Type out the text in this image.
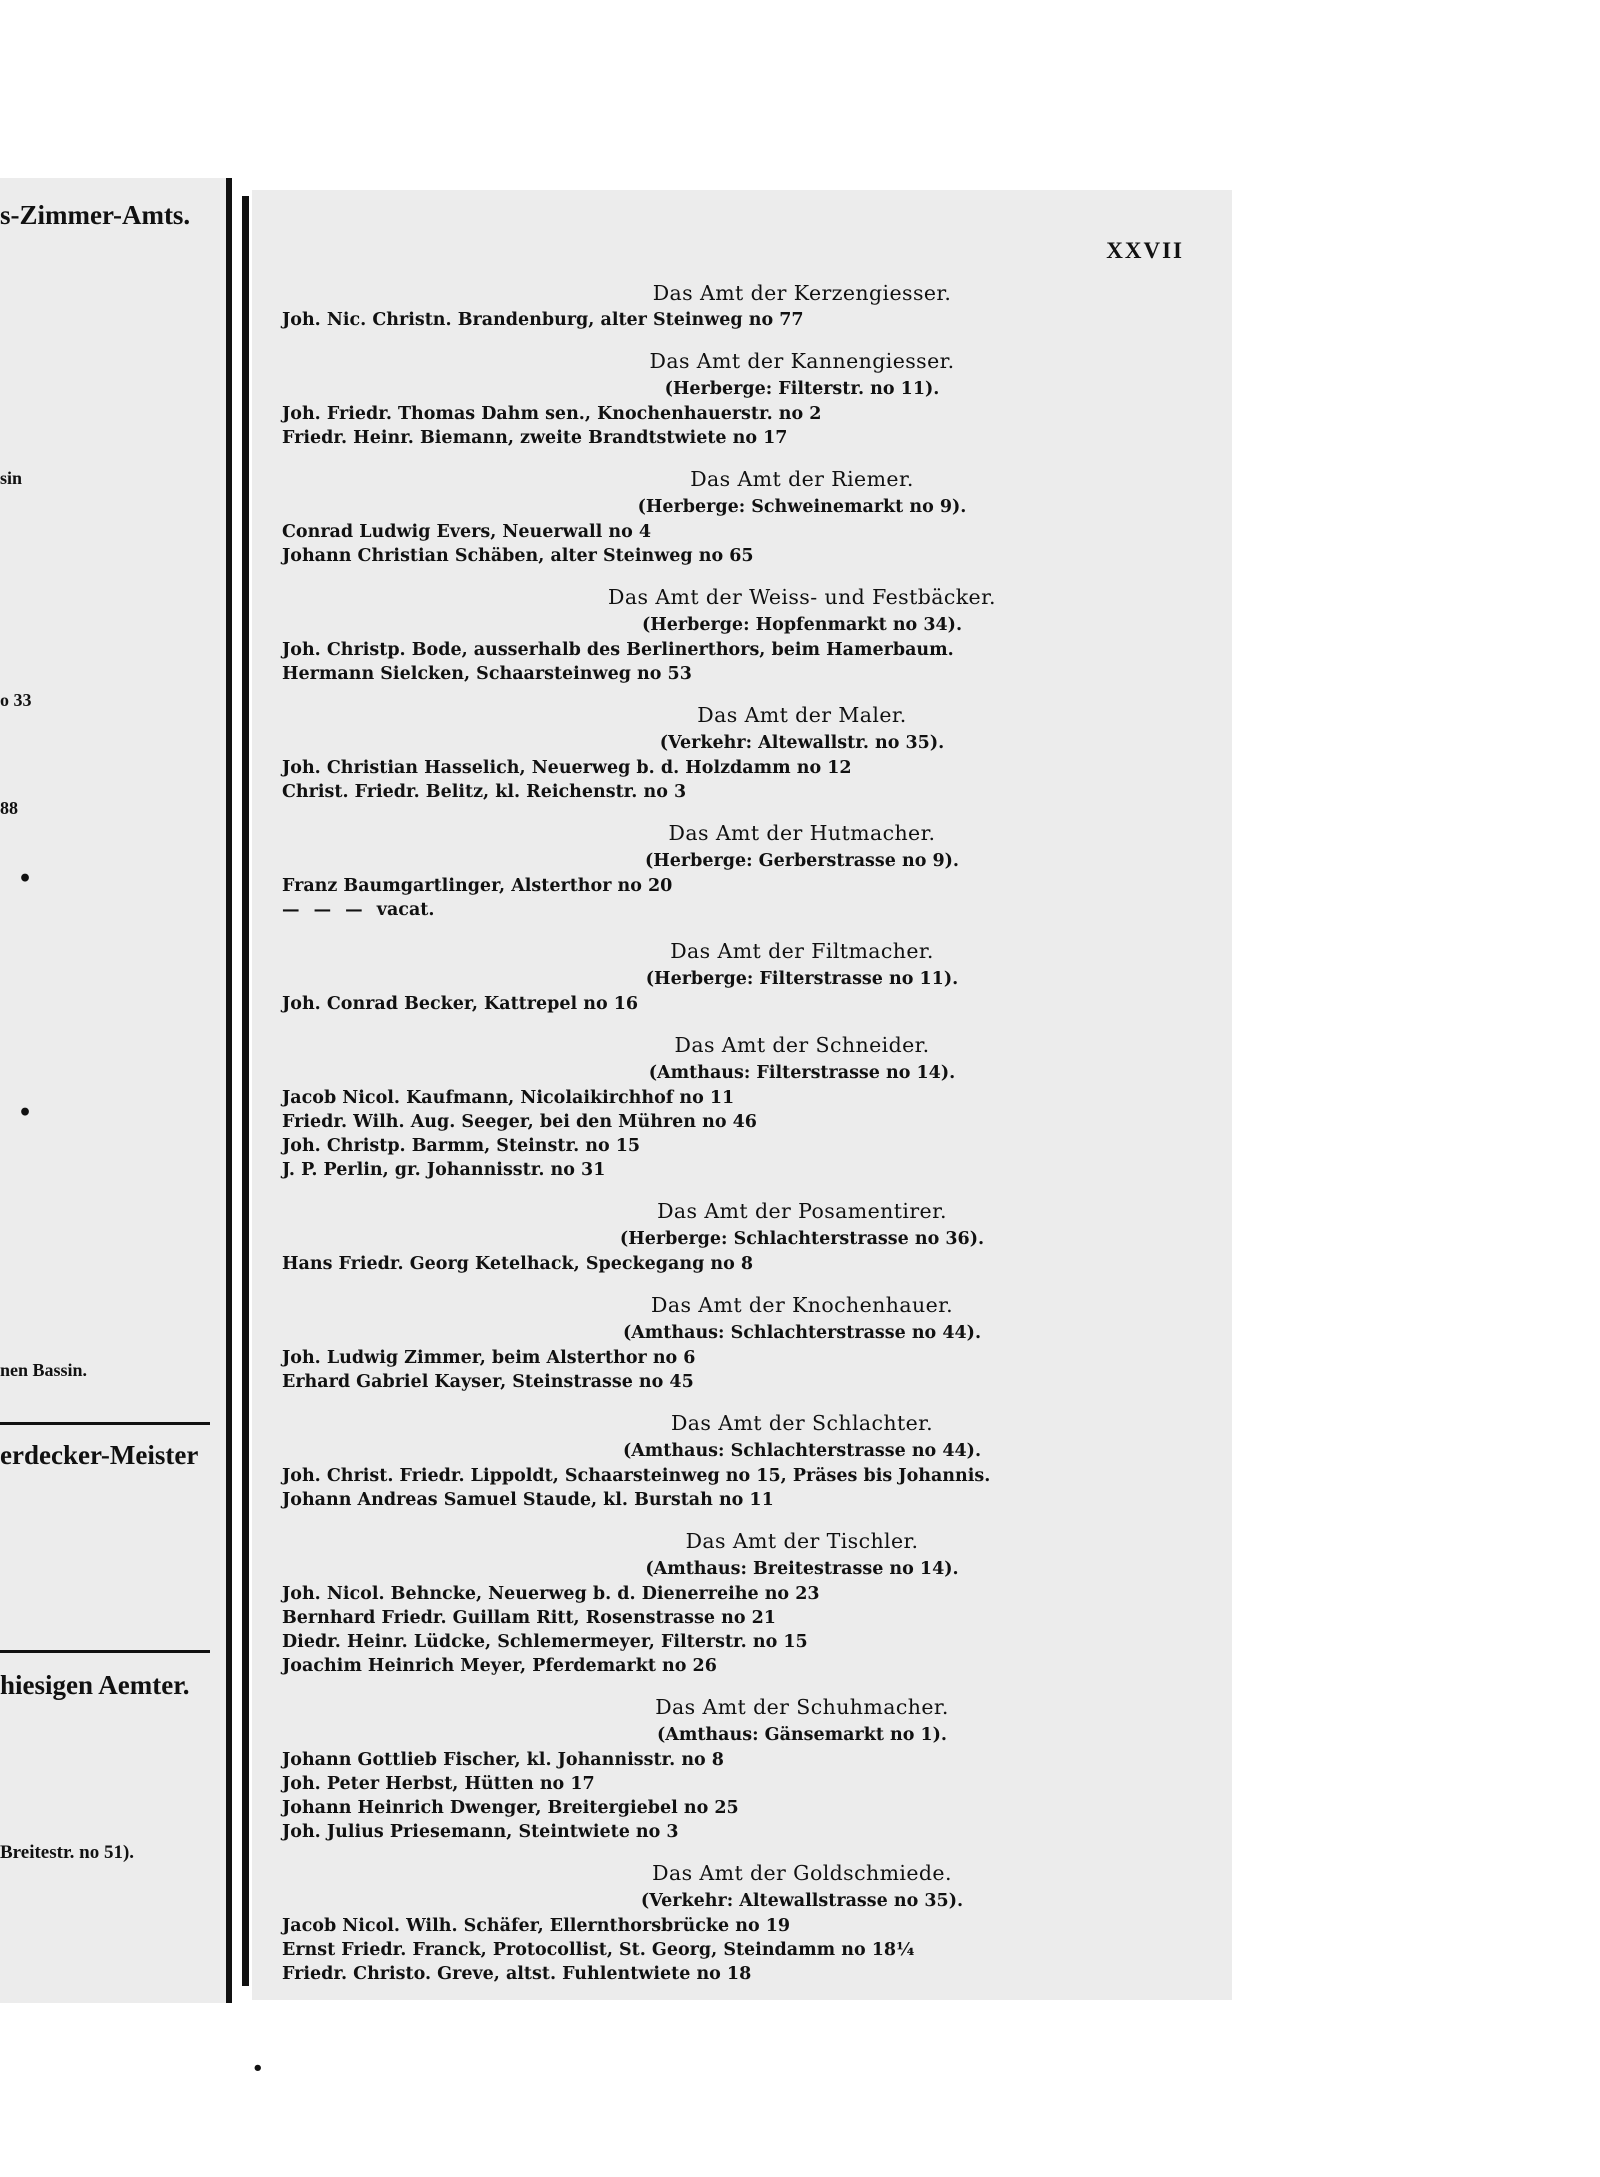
s-Zimmer-Amts.
sin
o 33
88
•
•
nen Bassin.
erdecker-Meister
hiesigen Aemter.
Breitestr. no 51).
XXVII
Das Amt der Kerzengiesser.
Joh. Nic. Christn. Brandenburg, alter Steinweg no 77
Das Amt der Kannengiesser.
(Herberge: Filterstr. no 11).
Joh. Friedr. Thomas Dahm sen., Knochenhauerstr. no 2
Friedr. Heinr. Biemann, zweite Brandtstwiete no 17
Das Amt der Riemer.
(Herberge: Schweinemarkt no 9).
Conrad Ludwig Evers, Neuerwall no 4
Johann Christian Schäben, alter Steinweg no 65
Das Amt der Weiss- und Festbäcker.
(Herberge: Hopfenmarkt no 34).
Joh. Christp. Bode, ausserhalb des Berlinerthors, beim Hamerbaum.
Hermann Sielcken, Schaarsteinweg no 53
Das Amt der Maler.
(Verkehr: Altewallstr. no 35).
Joh. Christian Hasselich, Neuerweg b. d. Holzdamm no 12
Christ. Friedr. Belitz, kl. Reichenstr. no 3
Das Amt der Hutmacher.
(Herberge: Gerberstrasse no 9).
Franz Baumgartlinger, Alsterthor no 20
— — — vacat.
Das Amt der Filtmacher.
(Herberge: Filterstrasse no 11).
Joh. Conrad Becker, Kattrepel no 16
Das Amt der Schneider.
(Amthaus: Filterstrasse no 14).
Jacob Nicol. Kaufmann, Nicolaikirchhof no 11
Friedr. Wilh. Aug. Seeger, bei den Mühren no 46
Joh. Christp. Barmm, Steinstr. no 15
J. P. Perlin, gr. Johannisstr. no 31
Das Amt der Posamentirer.
(Herberge: Schlachterstrasse no 36).
Hans Friedr. Georg Ketelhack, Speckegang no 8
Das Amt der Knochenhauer.
(Amthaus: Schlachterstrasse no 44).
Joh. Ludwig Zimmer, beim Alsterthor no 6
Erhard Gabriel Kayser, Steinstrasse no 45
Das Amt der Schlachter.
(Amthaus: Schlachterstrasse no 44).
Joh. Christ. Friedr. Lippoldt, Schaarsteinweg no 15, Präses bis Johannis.
Johann Andreas Samuel Staude, kl. Burstah no 11
Das Amt der Tischler.
(Amthaus: Breitestrasse no 14).
Joh. Nicol. Behncke, Neuerweg b. d. Dienerreihe no 23
Bernhard Friedr. Guillam Ritt, Rosenstrasse no 21
Diedr. Heinr. Lüdcke, Schlemermeyer, Filterstr. no 15
Joachim Heinrich Meyer, Pferdemarkt no 26
Das Amt der Schuhmacher.
(Amthaus: Gänsemarkt no 1).
Johann Gottlieb Fischer, kl. Johannisstr. no 8
Joh. Peter Herbst, Hütten no 17
Johann Heinrich Dwenger, Breitergiebel no 25
Joh. Julius Priesemann, Steintwiete no 3
Das Amt der Goldschmiede.
(Verkehr: Altewallstrasse no 35).
Jacob Nicol. Wilh. Schäfer, Ellernthorsbrücke no 19
Ernst Friedr. Franck, Protocollist, St. Georg, Steindamm no 18¼
Friedr. Christo. Greve, altst. Fuhlentwiete no 18
•
